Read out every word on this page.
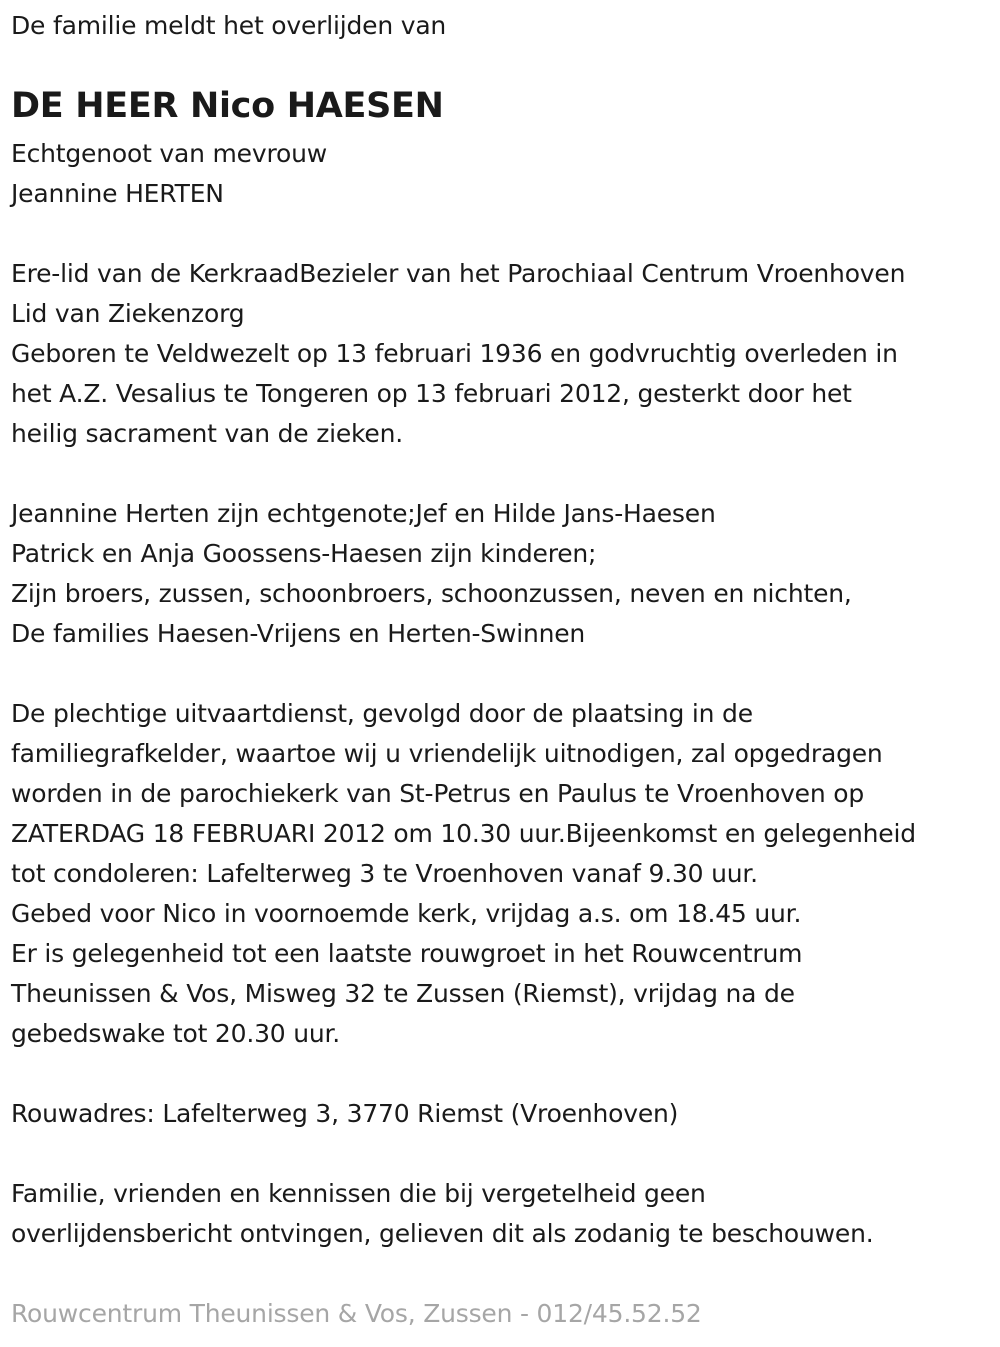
De familie meldt het overlijden van
DE HEER Nico HAESEN
Echtgenoot van mevrouw
Jeannine HERTEN
Ere-lid van de KerkraadBezieler van het Parochiaal Centrum Vroenhoven
Lid van Ziekenzorg
Geboren te Veldwezelt op 13 februari 1936 en godvruchtig overleden in
het A.Z. Vesalius te Tongeren op 13 februari 2012, gesterkt door het
heilig sacrament van de zieken.
Jeannine Herten zijn echtgenote;Jef en Hilde Jans-Haesen
Patrick en Anja Goossens-Haesen zijn kinderen;
Zijn broers, zussen, schoonbroers, schoonzussen, neven en nichten,
De families Haesen-Vrijens en Herten-Swinnen
De plechtige uitvaartdienst, gevolgd door de plaatsing in de
familiegrafkelder, waartoe wij u vriendelijk uitnodigen, zal opgedragen
worden in de parochiekerk van St-Petrus en Paulus te Vroenhoven op
ZATERDAG 18 FEBRUARI 2012 om 10.30 uur.Bijeenkomst en gelegenheid
tot condoleren: Lafelterweg 3 te Vroenhoven vanaf 9.30 uur.
Gebed voor Nico in voornoemde kerk, vrijdag a.s. om 18.45 uur.
Er is gelegenheid tot een laatste rouwgroet in het Rouwcentrum
Theunissen & Vos, Misweg 32 te Zussen (Riemst), vrijdag na de
gebedswake tot 20.30 uur.
Rouwadres: Lafelterweg 3, 3770 Riemst (Vroenhoven)
Familie, vrienden en kennissen die bij vergetelheid geen
overlijdensbericht ontvingen, gelieven dit als zodanig te beschouwen.
Rouwcentrum Theunissen & Vos, Zussen - 012/45.52.52
